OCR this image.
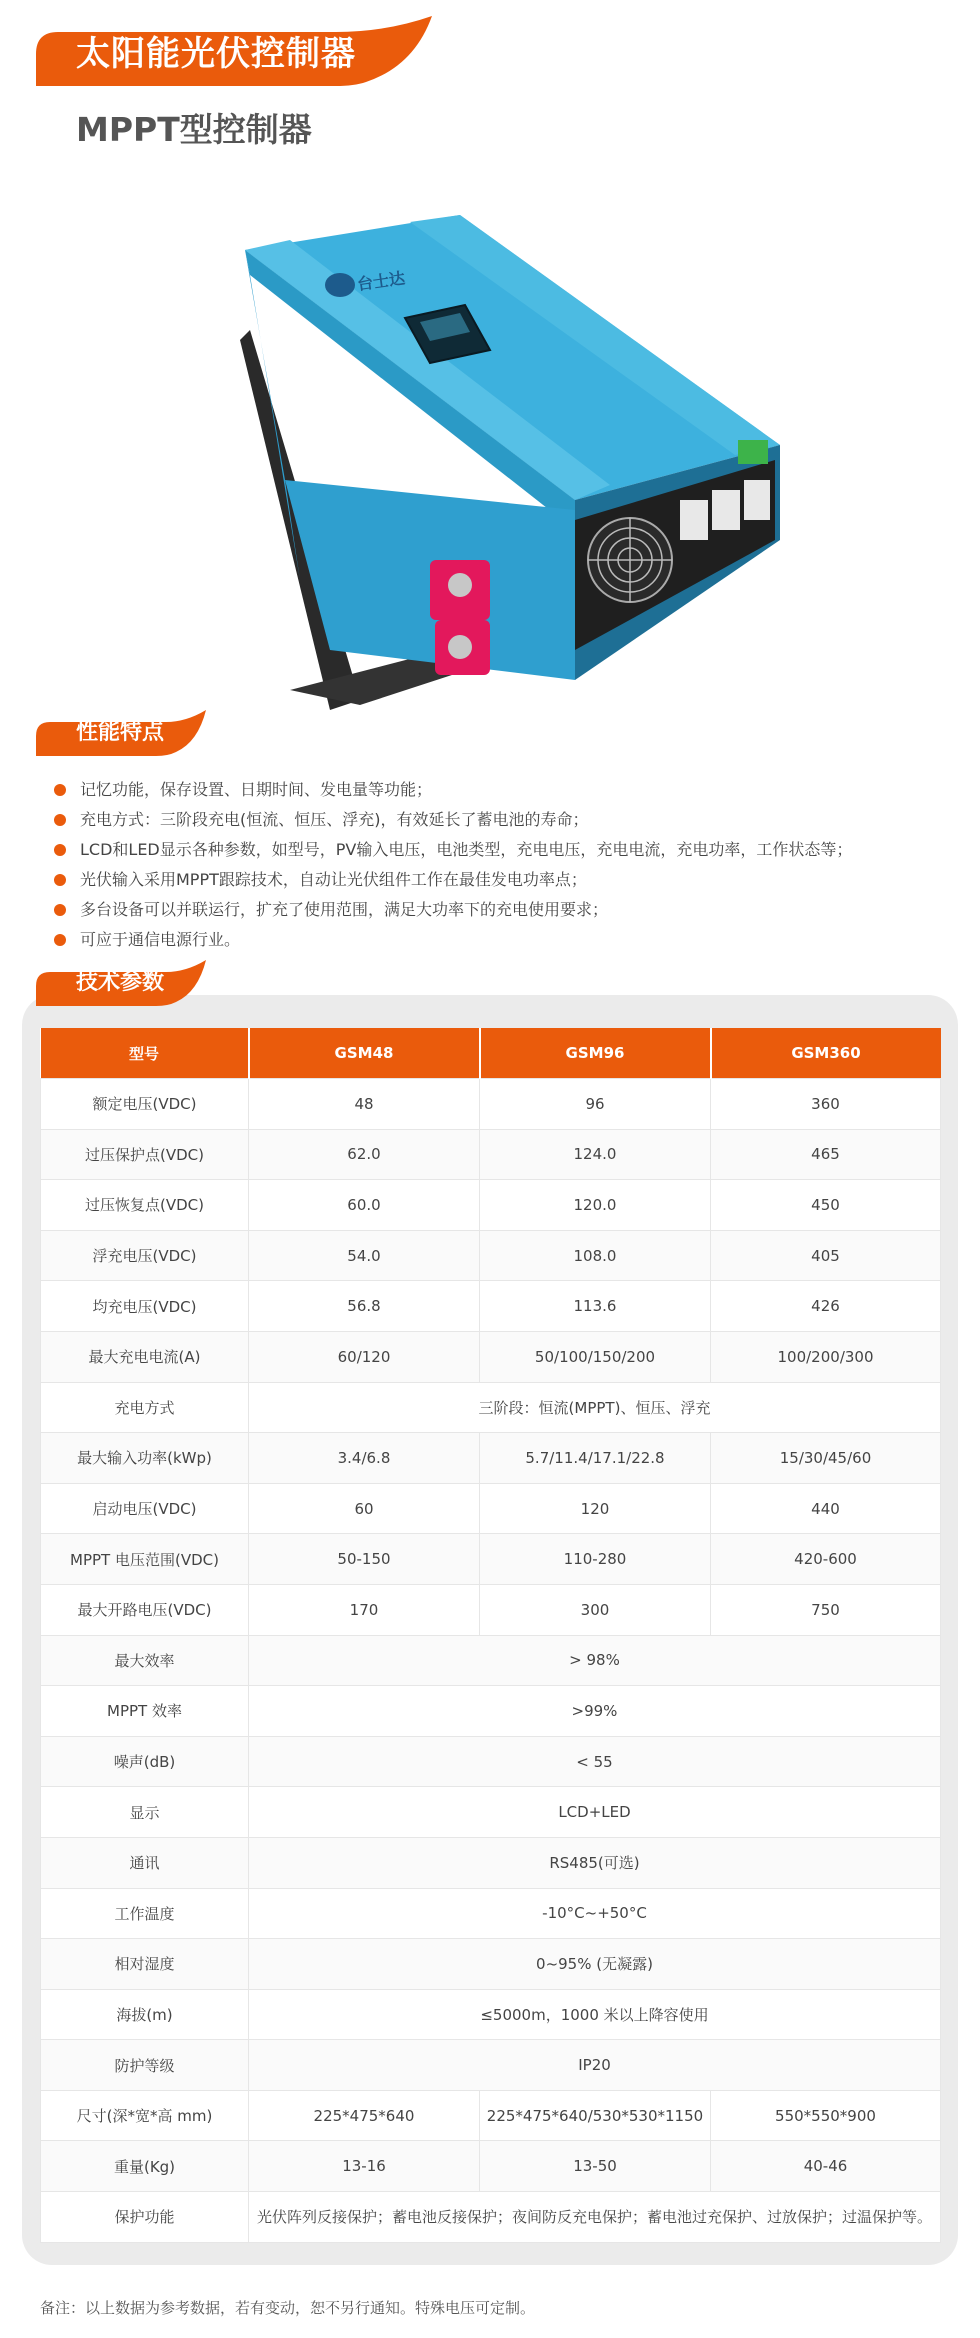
太阳能光伏控制器
MPPT型控制器
台士达
性能特点
记忆功能，保存设置、日期时间、发电量等功能；
充电方式：三阶段充电(恒流、恒压、浮充)，有效延长了蓄电池的寿命；
LCD和LED显示各种参数，如型号，PV输入电压，电池类型，充电电压，充电电流，充电功率，工作状态等；
光伏输入采用MPPT跟踪技术，自动让光伏组件工作在最佳发电功率点；
多台设备可以并联运行，扩充了使用范围，满足大功率下的充电使用要求；
可应于通信电源行业。
技术参数
型号	GSM48	GSM96	GSM360
额定电压(VDC)	48	96	360
过压保护点(VDC)	62.0	124.0	465
过压恢复点(VDC)	60.0	120.0	450
浮充电压(VDC)	54.0	108.0	405
均充电压(VDC)	56.8	113.6	426
最大充电电流(A)	60/120	50/100/150/200	100/200/300
充电方式	三阶段：恒流(MPPT)、恒压、浮充		
最大输入功率(kWp)	3.4/6.8	5.7/11.4/17.1/22.8	15/30/45/60
启动电压(VDC)	60	120	440
MPPT 电压范围(VDC)	50-150	110-280	420-600
最大开路电压(VDC)	170	300	750
最大效率	> 98%		
MPPT 效率	>99%		
噪声(dB)	< 55		
显示	LCD+LED		
通讯	RS485(可选)		
工作温度	-10°C~+50°C		
相对湿度	0~95% (无凝露)		
海拔(m)	≤5000m，1000 米以上降容使用		
防护等级	IP20		
尺寸(深*宽*高 mm)	225*475*640	225*475*640/530*530*1150	550*550*900
重量(Kg)	13-16	13-50	40-46
保护功能	光伏阵列反接保护；蓄电池反接保护；夜间防反充电保护；蓄电池过充保护、过放保护；过温保护等。		
备注：以上数据为参考数据，若有变动，恕不另行通知。特殊电压可定制。
